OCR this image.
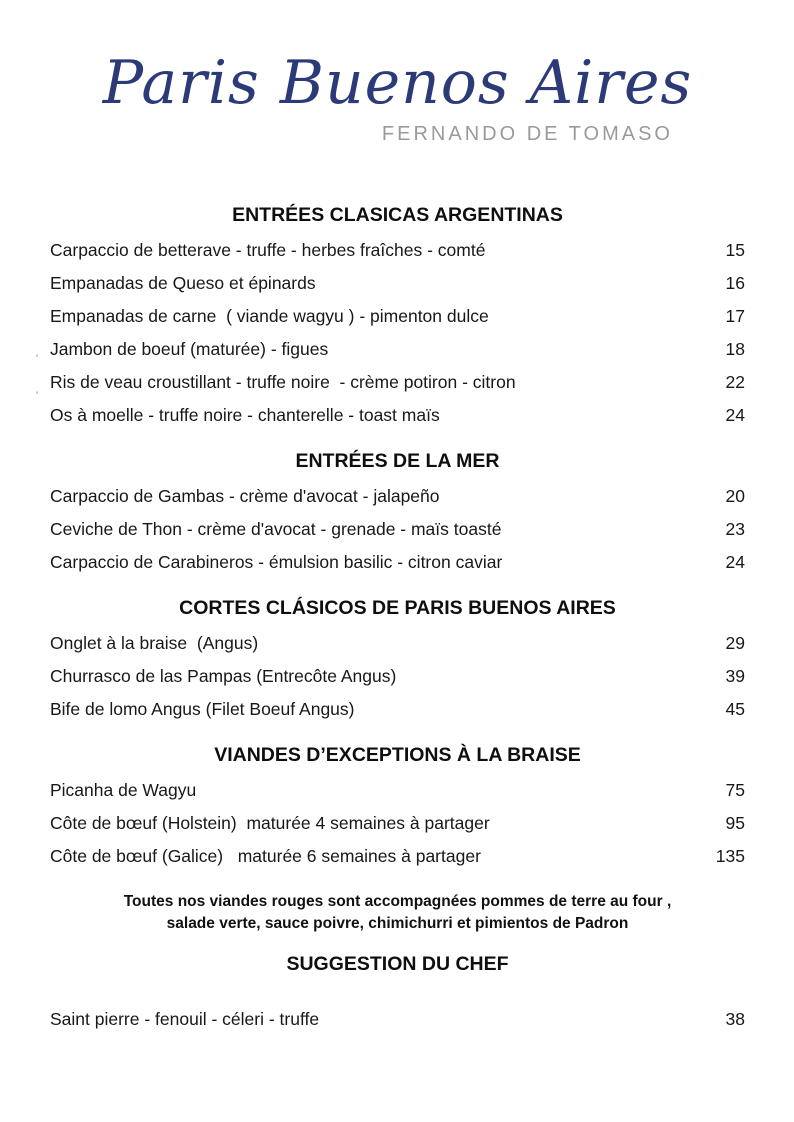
Paris Buenos Aires
FERNANDO DE TOMASO
ENTRÉES CLASICAS ARGENTINAS
Carpaccio de betterave - truffe - herbes fraîches - comté	15
Empanadas de Queso et épinards	16
Empanadas de carne  ( viande wagyu ) - pimenton dulce	17
Jambon de boeuf (maturée) - figues	18
Ris de veau croustillant - truffe noire  - crème potiron - citron	22
Os à moelle - truffe noire - chanterelle - toast maïs	24
ENTRÉES DE LA MER
Carpaccio de Gambas - crème d'avocat - jalapeño	20
Ceviche de Thon - crème d'avocat - grenade - maïs toasté	23
Carpaccio de Carabineros - émulsion basilic - citron caviar	24
CORTES CLÁSICOS DE PARIS BUENOS AIRES
Onglet à la braise  (Angus)	29
Churrasco de las Pampas (Entrecôte Angus)	39
Bife de lomo Angus (Filet Boeuf Angus)	45
VIANDES D’EXCEPTIONS À LA BRAISE
Picanha de Wagyu	75
Côte de bœuf (Holstein)  maturée 4 semaines à partager	95
Côte de bœuf (Galice)   maturée 6 semaines à partager	135

Toutes nos viandes rouges sont accompagnées pommes de terre au four ,
salade verte, sauce poivre, chimichurri et pimientos de Padron

SUGGESTION DU CHEF
Saint pierre - fenouil - céleri - truffe	38
'
'
